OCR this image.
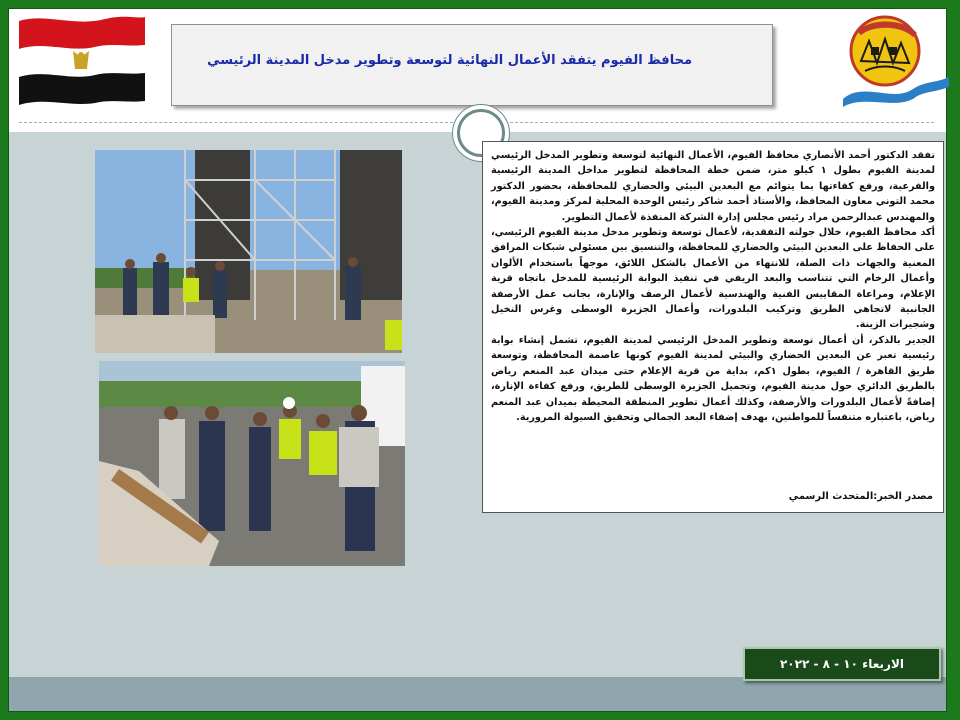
محافظ الفيوم يتفقد الأعمال النهائية لتوسعة وتطوير مدخل المدينة الرئيسي

تفقد الدكتور أحمد الأنصاري محافظ الفيوم، الأعمال النهائية لتوسعة وتطوير المدخل الرئيسي لمدينة الفيوم بطول ١ كيلو متر، ضمن خطة المحافظة لتطوير مداخل المدينة الرئيسية والفرعية، ورفع كفاءتها بما يتوائم مع البعدين البيئي والحضاري للمحافظة، بحضور الدكتور محمد التوني معاون المحافظ، والأستاذ أحمد شاكر رئيس الوحدة المحلية لمركز ومدينة الفيوم، والمهندس عبدالرحمن مراد رئيس مجلس إدارة الشركة المنفذة لأعمال التطوير.

أكد محافظ الفيوم، خلال جولته التفقدية، لأعمال توسعة وتطوير مدخل مدينة الفيوم الرئيسي، على الحفاظ على البعدين البيئي والحضاري للمحافظة، والتنسيق بين مسئولي شبكات المرافق المعنية والجهات ذات الصلة، للانتهاء من الأعمال بالشكل اللائق، موجهاً باستخدام الألوان وأعمال الرخام التي تتناسب والبعد الريفي في تنفيذ البوابة الرئيسية للمدخل باتجاه قرية الإعلام، ومراعاة المقاييس الفنية والهندسية لأعمال الرصف والإنارة، بجانب عمل الأرصفة الجانبية لاتجاهي الطريق وتركيب البلدورات، وأعمال الجزيرة الوسطى وغرس النخيل وشجيرات الزينة.

الجدير بالذكر، أن أعمال توسعة وتطوير المدخل الرئيسي لمدينة الفيوم، تشمل إنشاء بوابة رئيسية تعبر عن البعدين الحضاري والبيئي لمدينة الفيوم كونها عاصمة المحافظة، وتوسعة طريق القاهرة / الفيوم، بطول ١كم، بداية من قرية الإعلام حتى ميدان عبد المنعم رياض بالطريق الدائري حول مدينة الفيوم، وتجميل الجزيرة الوسطى للطريق، ورفع كفاءة الإنارة، إضافةً لأعمال البلدورات والأرصفة، وكذلك أعمال تطوير المنطقة المحيطة بميدان عبد المنعم رياض، باعتباره متنفساً للمواطنين، بهدف إضفاء البعد الجمالي وتحقيق السيولة المرورية.

مصدر الخبر:المتحدث الرسمي
الاربعاء ١٠ - ٨ - ٢٠٢٢
